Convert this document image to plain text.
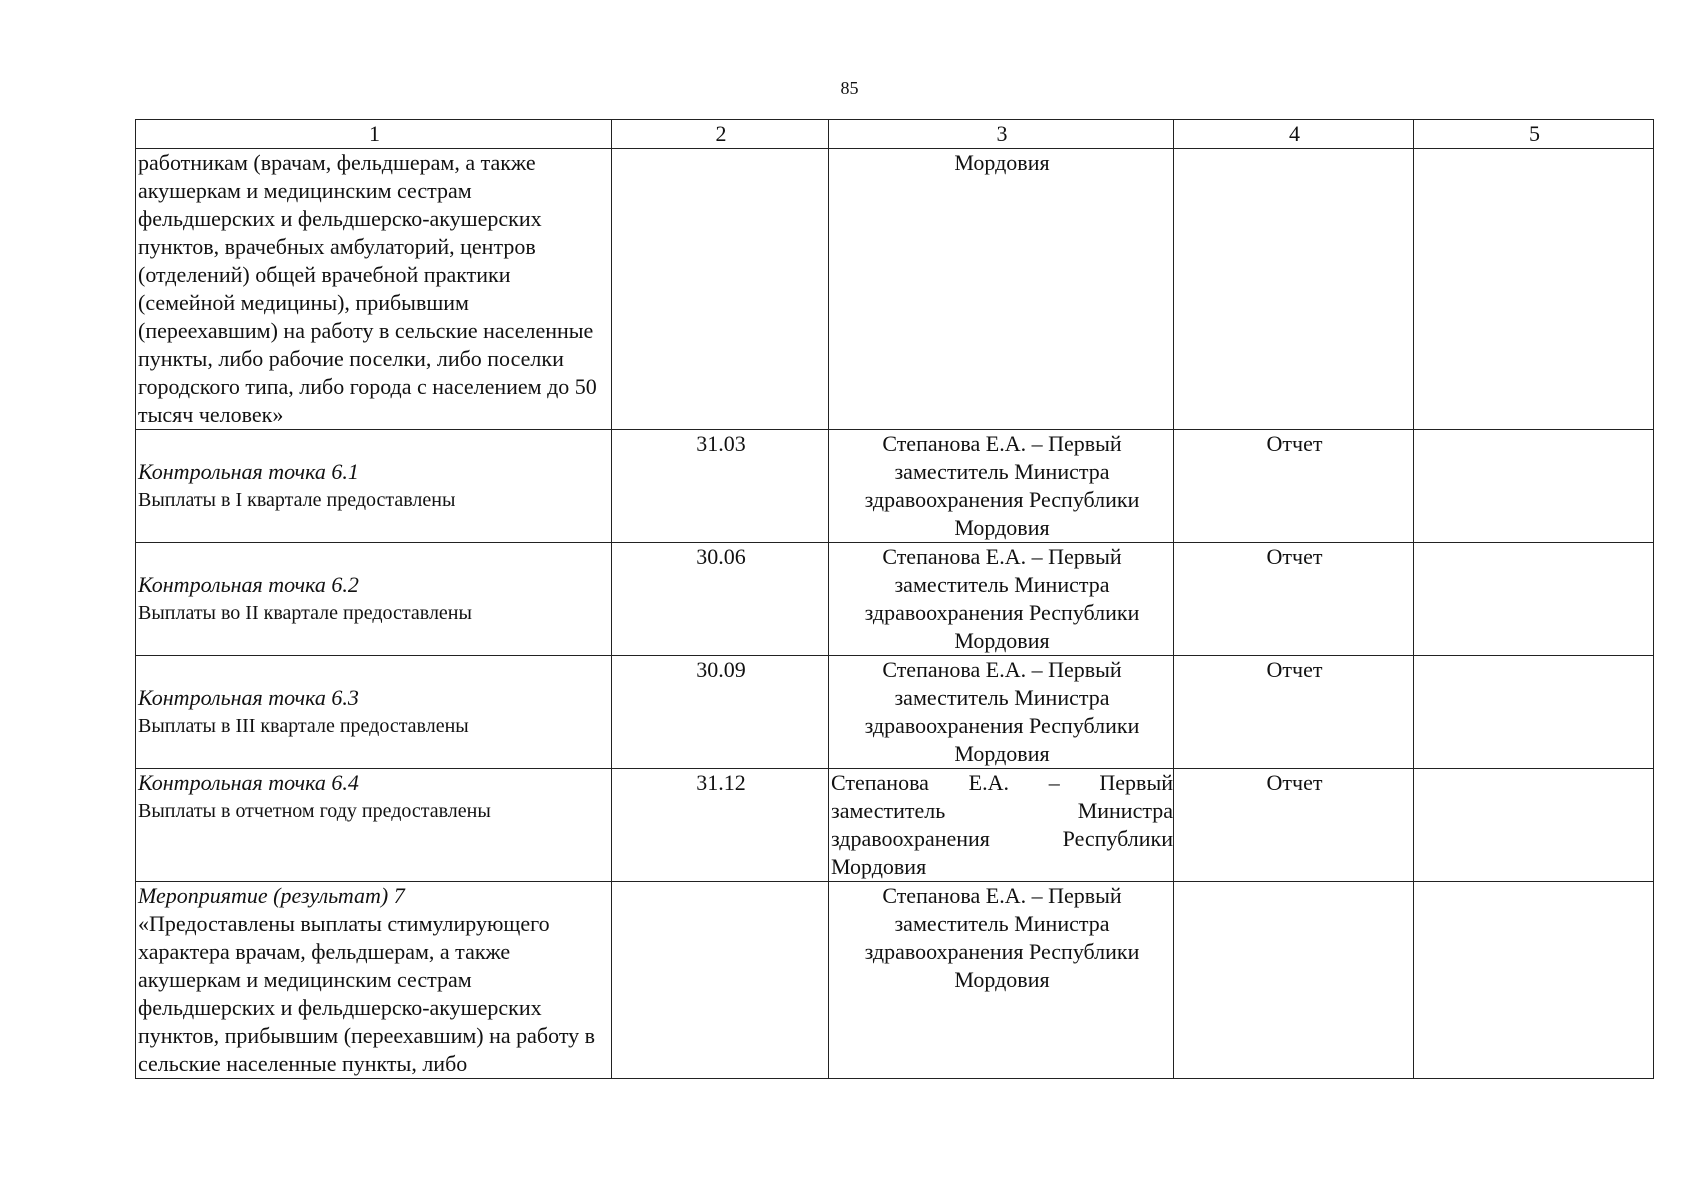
85
1	2	3	4	5
работникам (врачам, фельдшерам, а также акушеркам и медицинским сестрам фельдшерских и фельдшерско-акушерских пунктов, врачебных амбулаторий, центров (отделений) общей врачебной практики (семейной медицины), прибывшим (переехавшим) на работу в сельские населенные пункты, либо рабочие поселки, либо поселки городского типа, либо города с населением до 50 тысяч человек»		Мордовия		

Контрольная точка 6.1
Выплаты в I квартале предоставлены	31.03	Степанова Е.А. – Первый заместитель Министра здравоохранения Республики Мордовия	Отчет	

Контрольная точка 6.2
Выплаты во II квартале предоставлены	30.06	Степанова Е.А. – Первый заместитель Министра здравоохранения Республики Мордовия	Отчет	

Контрольная точка 6.3
Выплаты в III квартале предоставлены	30.09	Степанова Е.А. – Первый заместитель Министра здравоохранения Республики Мордовия	Отчет	

Контрольная точка 6.4
Выплаты в отчетном году предоставлены	31.12	Степанова Е.А. – Первый заместитель Министра здравоохранения Республики Мордовия	Отчет	

Мероприятие (результат) 7
«Предоставлены выплаты стимулирующего характера врачам, фельдшерам, а также акушеркам и медицинским сестрам фельдшерских и фельдшерско-акушерских пунктов, прибывшим (переехавшим) на работу в сельские населенные пункты, либо		Степанова Е.А. – Первый заместитель Министра здравоохранения Республики Мордовия		
